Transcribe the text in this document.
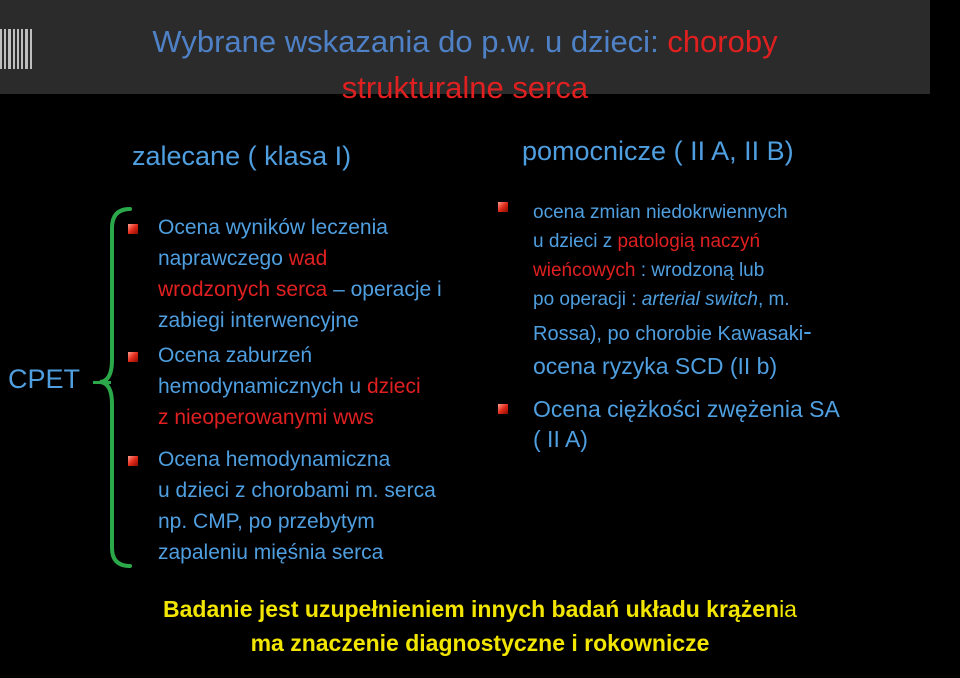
Wybrane wskazania do p.w. u dzieci: choroby
strukturalne serca
zalecane ( klasa I)	pomocnicze ( II A, II B)
CPET
Ocena wyników leczenia
naprawczego wad
wrodzonych serca – operacje i
zabiegi interwencyjne
Ocena zaburzeń
hemodynamicznych u dzieci
z nieoperowanymi wws
Ocena hemodynamiczna
u dzieci z chorobami m. serca
np. CMP, po przebytym
zapaleniu mięśnia serca
ocena zmian niedokrwiennych
u dzieci z patologią naczyń
wieńcowych : wrodzoną lub
po operacji : arterial switch, m.
Rossa), po chorobie Kawasaki-
ocena ryzyka SCD (II b)
Ocena ciężkości zwężenia SA
( II A)
Badanie jest uzupełnieniem innych badań układu krążenia
ma znaczenie diagnostyczne i rokownicze
